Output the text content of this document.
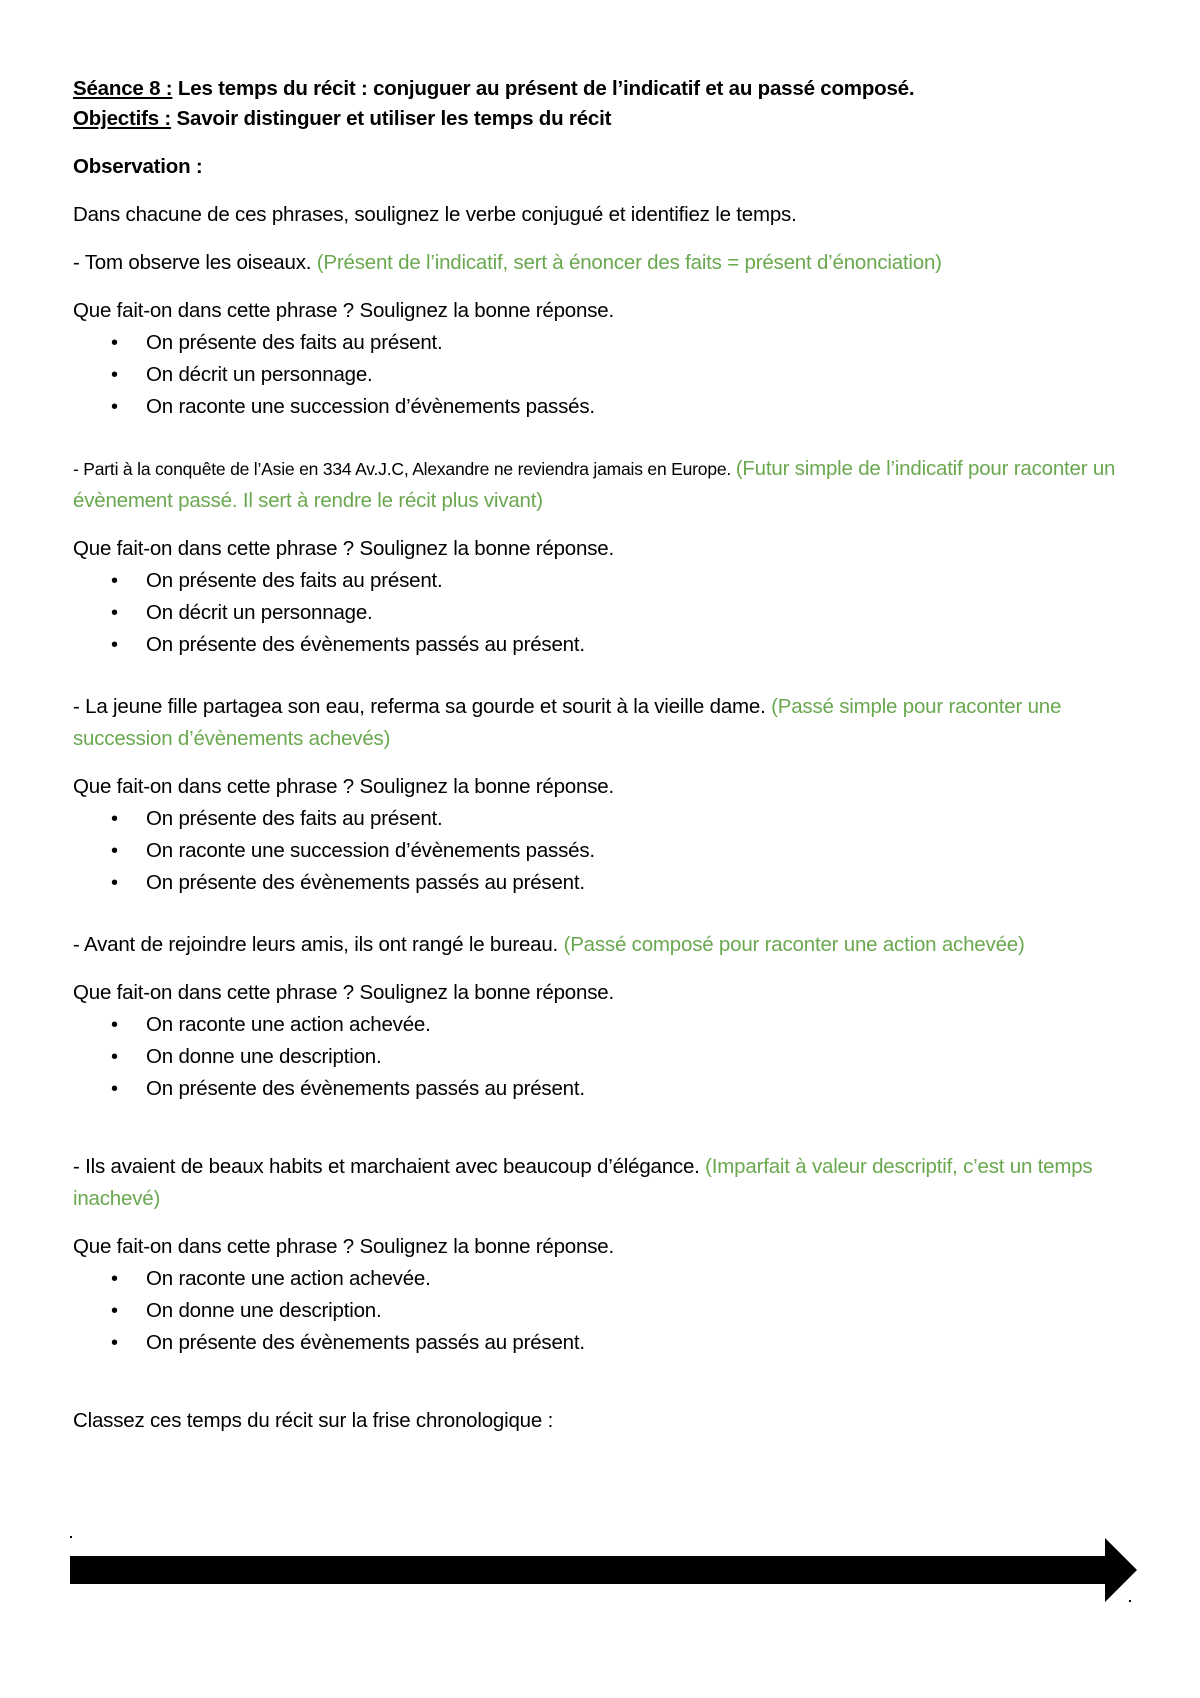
Séance 8 : Les temps du récit : conjuguer au présent de l’indicatif et au passé composé.
Objectifs : Savoir distinguer et utiliser les temps du récit
Observation :
Dans chacune de ces phrases, soulignez le verbe conjugué et identifiez le temps.
- Tom observe les oiseaux. (Présent de l’indicatif, sert à énoncer des faits = présent d’énonciation)
Que fait-on dans cette phrase ? Soulignez la bonne réponse.
• On présente des faits au présent.
• On décrit un personnage.
• On raconte une succession d’évènements passés.
- Parti à la conquête de l’Asie en 334 Av.J.C, Alexandre ne reviendra jamais en Europe. (Futur simple de l’indicatif pour raconter un évènement passé. Il sert à rendre le récit plus vivant)
Que fait-on dans cette phrase ? Soulignez la bonne réponse.
• On présente des faits au présent.
• On décrit un personnage.
• On présente des évènements passés au présent.
- La jeune fille partagea son eau, referma sa gourde et sourit à la vieille dame. (Passé simple pour raconter une succession d’évènements achevés)
Que fait-on dans cette phrase ? Soulignez la bonne réponse.
• On présente des faits au présent.
• On raconte une succession d’évènements passés.
• On présente des évènements passés au présent.
- Avant de rejoindre leurs amis, ils ont rangé le bureau. (Passé composé pour raconter une action achevée)
Que fait-on dans cette phrase ? Soulignez la bonne réponse.
• On raconte une action achevée.
• On donne une description.
• On présente des évènements passés au présent.
- Ils avaient de beaux habits et marchaient avec beaucoup d’élégance. (Imparfait à valeur descriptif, c’est un temps inachevé)
Que fait-on dans cette phrase ? Soulignez la bonne réponse.
• On raconte une action achevée.
• On donne une description.
• On présente des évènements passés au présent.
Classez ces temps du récit sur la frise chronologique :
